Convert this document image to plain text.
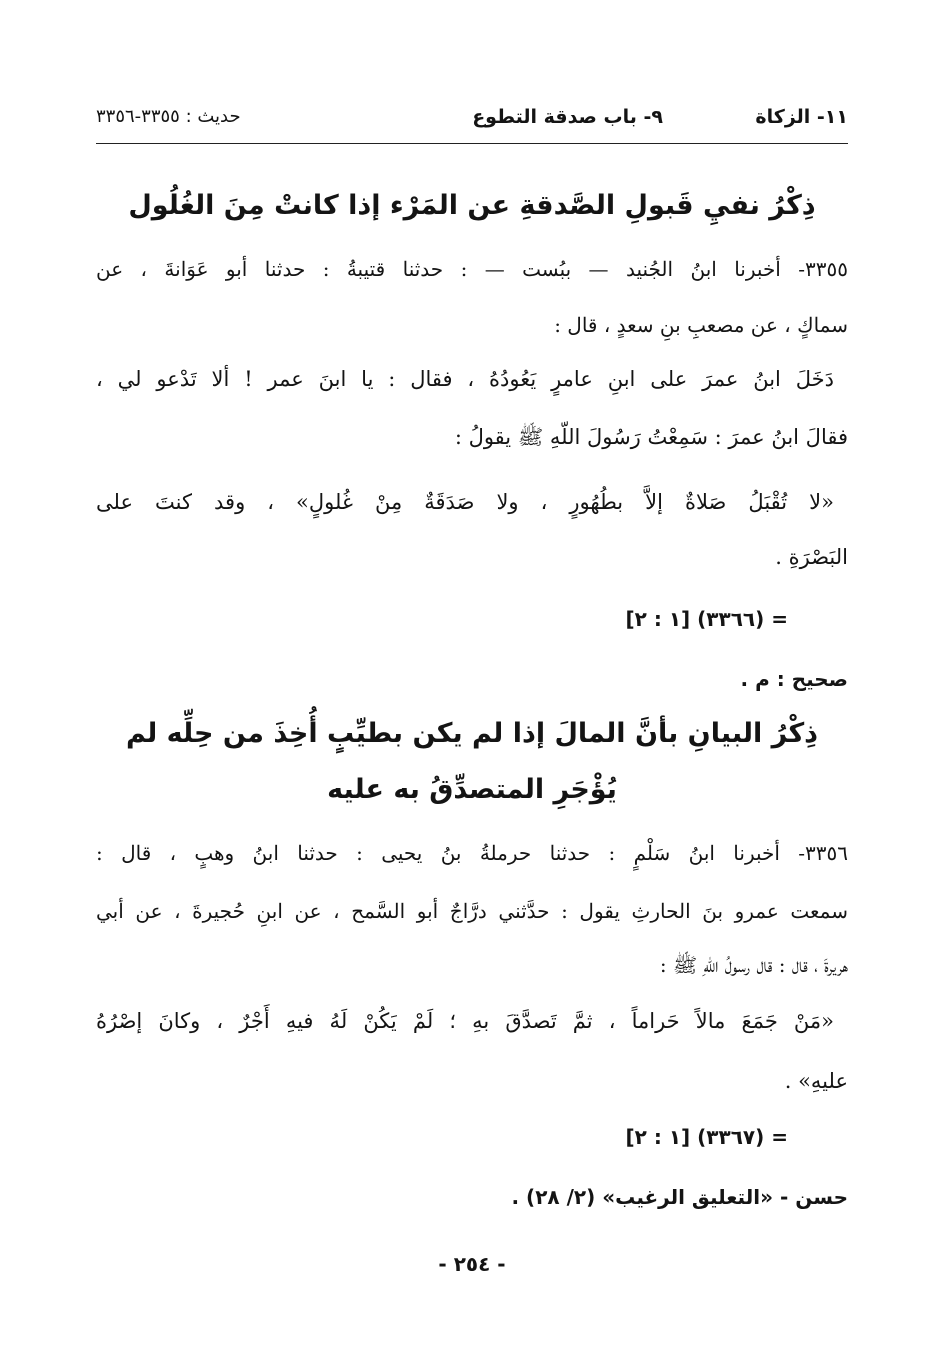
١١- الزكاة
٩- باب صدقة التطوع
حديث : ٣٣٥٥-٣٣٥٦
ذِكْرُ نفيِ قَبولِ الصَّدقةِ عن المَرْء إذا كانتْ مِنَ الغُلُول
٣٣٥٥- أخبرنا ابنُ الجُنيد — ببُست — : حدثنا قتيبةُ : حدثنا أبو عَوَانةَ ، عن
سماكٍ ، عن مصعبِ بنِ سعدٍ ، قال :
دَخَلَ ابنُ عمرَ على ابنِ عامرٍ يَعُودُهُ ، فقال : يا ابنَ عمر ! ألا تَدْعو لي ،
فقالَ ابنُ عمرَ : سَمِعْتُ رَسُولَ اللّهِ ﷺ يقولُ :
«لا تُقْبَلُ صَلاةٌ إلاَّ بطُهُورٍ ، ولا صَدَقَةٌ مِنْ غُلولٍ» ، وقد كنتَ على
البَصْرَةِ .
= (٣٣٦٦) [١ : ٢]
صحيح : م .
ذِكْرُ البيانِ بأنَّ المالَ إذا لم يكن بطيِّبٍ أُخِذَ من حِلِّه لم
يُؤْجَرِ المتصدِّقُ به عليه
٣٣٥٦- أخبرنا ابنُ سَلْمٍ : حدثنا حرملةُ بنُ يحيى : حدثنا ابنُ وهبٍ ، قال :
سمعت عمرو بنَ الحارثِ يقول : حدَّثني درَّاجٌ أبو السَّمح ، عن ابنِ حُجيرةَ ، عن أبي
هريرةَ ، قال : قال رسولُ اللّهِ ﷺ :
«مَنْ جَمَعَ مالاً حَراماً ، ثمَّ تَصدَّقَ بهِ ؛ لَمْ يَكُنْ لَهُ فيهِ أَجْرٌ ، وكانَ إصْرُهُ
عليهِ» .
= (٣٣٦٧) [١ : ٢]
حسن - «التعليق الرغيب» (٢/ ٢٨) .
- ٢٥٤ -
